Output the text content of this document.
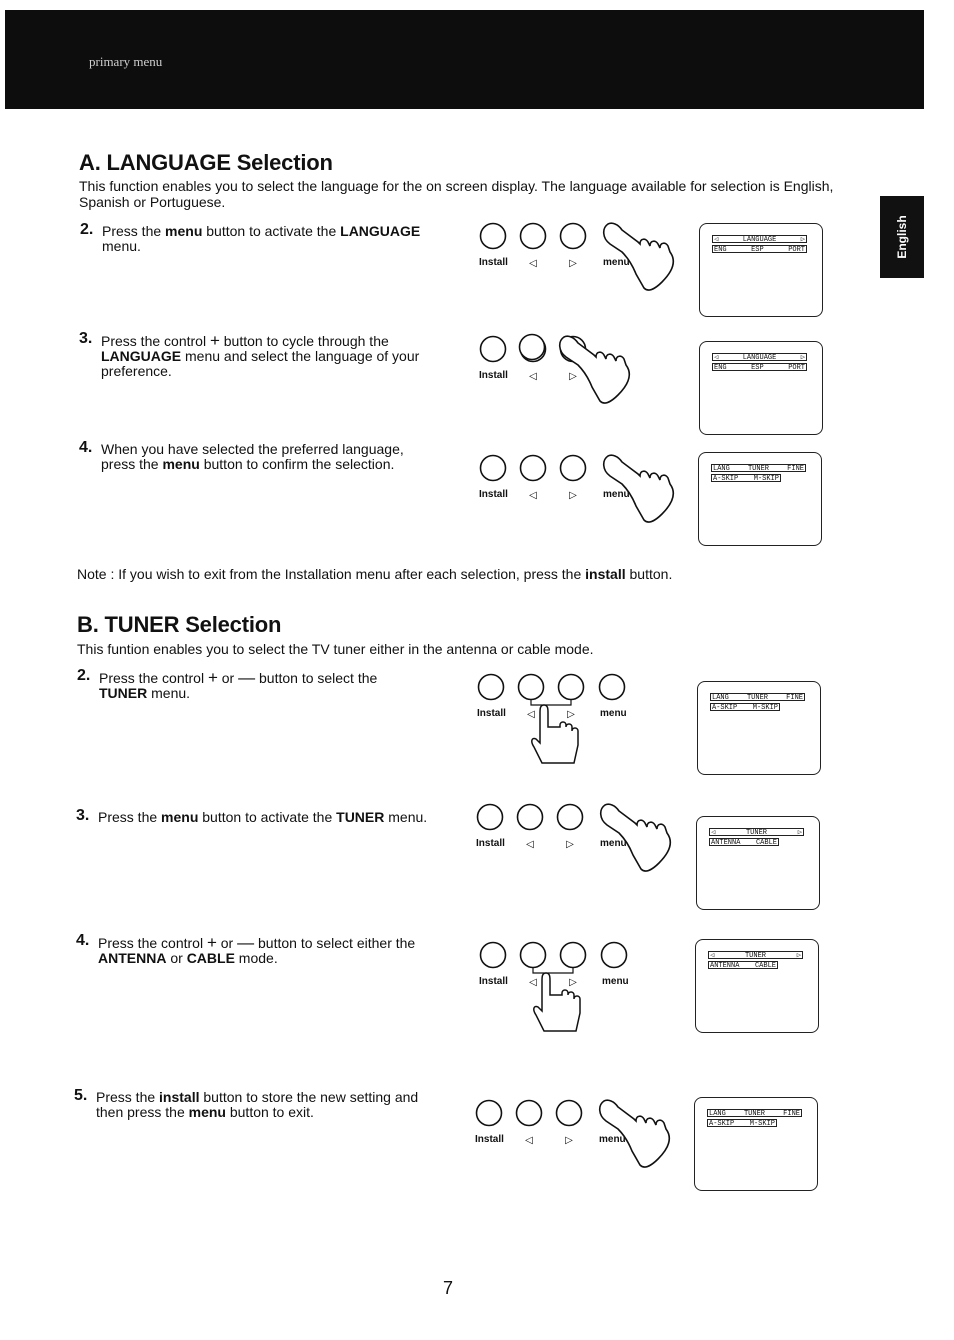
primary menu
English
A. LANGUAGE Selection
This function enables you to select the language for the on screen display. The language available for selection is English, Spanish or Portuguese.
2. Press the menu button to activate the LANGUAGE menu.
3. Press the control + button to cycle through the LANGUAGE menu and select the language of your preference.
4. When you have selected the preferred language, press the menu button to confirm the selection.
Note : If you wish to exit from the Installation menu after each selection, press the install button.
B. TUNER Selection
This funtion enables you to select the TV tuner either in the antenna or cable mode.
2. Press the control + or — button to select the TUNER menu.
3. Press the menu button to activate the TUNER menu.
4. Press the control + or — button to select either the ANTENNA or CABLE mode.
5. Press the install button to store the new setting and then press the menu button to exit.
◁	▷
Install	menu
◁	▷
Install
◁	▷
Install	menu
◁	▷
Install	menu
◁	▷
Install	menu
◁	▷
Install	menu
◁	▷
Install	menu
◁	LANGUAGE	▷
ENG	ESP	PORT
◁	LANGUAGE	▷
ENG	ESP	PORT
LANG	TUNER	FINE
A-SKIP M-SKIP
LANG	TUNER	FINE
A-SKIP M-SKIP
◁	TUNER	▷
ANTENNA CABLE
◁	TUNER	▷
ANTENNA CABLE
LANG	TUNER	FINE
A-SKIP M-SKIP
7
